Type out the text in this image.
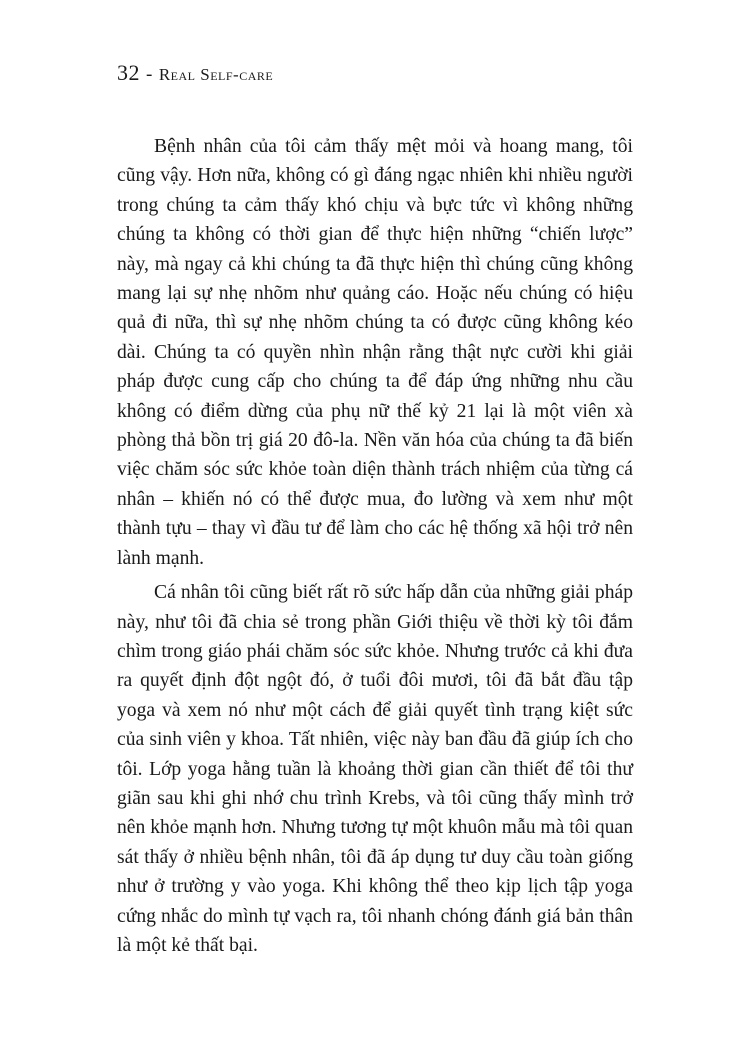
32 - Real Self-care

Bệnh nhân của tôi cảm thấy mệt mỏi và hoang mang, tôi cũng vậy. Hơn nữa, không có gì đáng ngạc nhiên khi nhiều người trong chúng ta cảm thấy khó chịu và bực tức vì không những chúng ta không có thời gian để thực hiện những “chiến lược” này, mà ngay cả khi chúng ta đã thực hiện thì chúng cũng không mang lại sự nhẹ nhõm như quảng cáo. Hoặc nếu chúng có hiệu quả đi nữa, thì sự nhẹ nhõm chúng ta có được cũng không kéo dài. Chúng ta có quyền nhìn nhận rằng thật nực cười khi giải pháp được cung cấp cho chúng ta để đáp ứng những nhu cầu không có điểm dừng của phụ nữ thế kỷ 21 lại là một viên xà phòng thả bồn trị giá 20 đô-la. Nền văn hóa của chúng ta đã biến việc chăm sóc sức khỏe toàn diện thành trách nhiệm của từng cá nhân – khiến nó có thể được mua, đo lường và xem như một thành tựu – thay vì đầu tư để làm cho các hệ thống xã hội trở nên lành mạnh.

Cá nhân tôi cũng biết rất rõ sức hấp dẫn của những giải pháp này, như tôi đã chia sẻ trong phần Giới thiệu về thời kỳ tôi đắm chìm trong giáo phái chăm sóc sức khỏe. Nhưng trước cả khi đưa ra quyết định đột ngột đó, ở tuổi đôi mươi, tôi đã bắt đầu tập yoga và xem nó như một cách để giải quyết tình trạng kiệt sức của sinh viên y khoa. Tất nhiên, việc này ban đầu đã giúp ích cho tôi. Lớp yoga hằng tuần là khoảng thời gian cần thiết để tôi thư giãn sau khi ghi nhớ chu trình Krebs, và tôi cũng thấy mình trở nên khỏe mạnh hơn. Nhưng tương tự một khuôn mẫu mà tôi quan sát thấy ở nhiều bệnh nhân, tôi đã áp dụng tư duy cầu toàn giống như ở trường y vào yoga. Khi không thể theo kịp lịch tập yoga cứng nhắc do mình tự vạch ra, tôi nhanh chóng đánh giá bản thân là một kẻ thất bại.
